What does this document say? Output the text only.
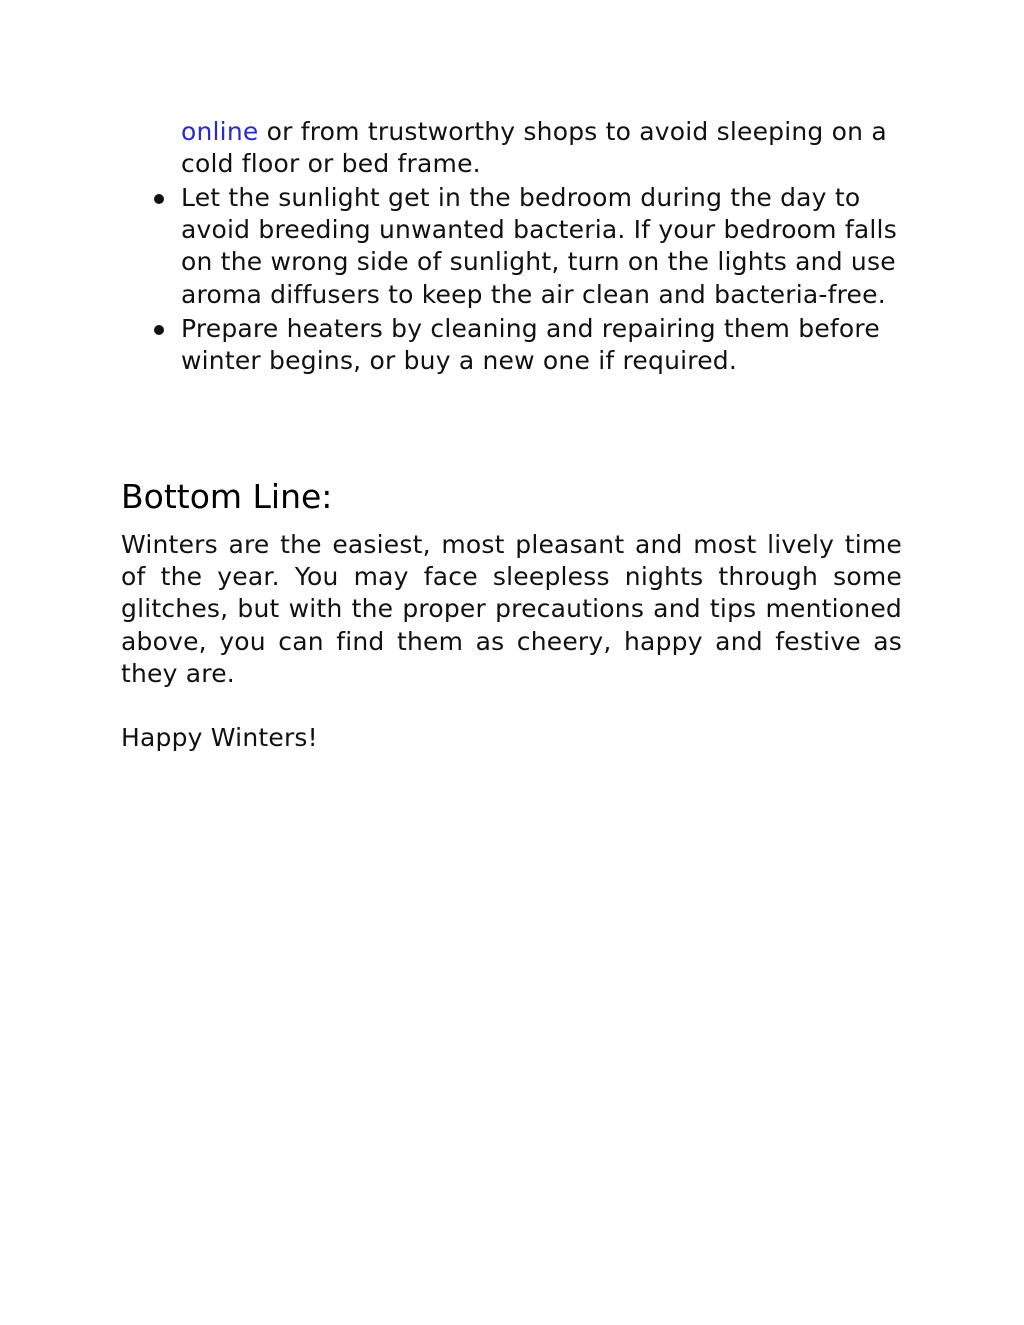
online or from trustworthy shops to avoid sleeping on a cold floor or bed frame.
Let the sunlight get in the bedroom during the day to avoid breeding unwanted bacteria. If your bedroom falls on the wrong side of sunlight, turn on the lights and use aroma diffusers to keep the air clean and bacteria-free.
Prepare heaters by cleaning and repairing them before winter begins, or buy a new one if required.
Bottom Line:

Winters are the easiest, most pleasant and most lively time of the year. You may face sleepless nights through some glitches, but with the proper precautions and tips mentioned above, you can find them as cheery, happy and festive as they are.

Happy Winters!
